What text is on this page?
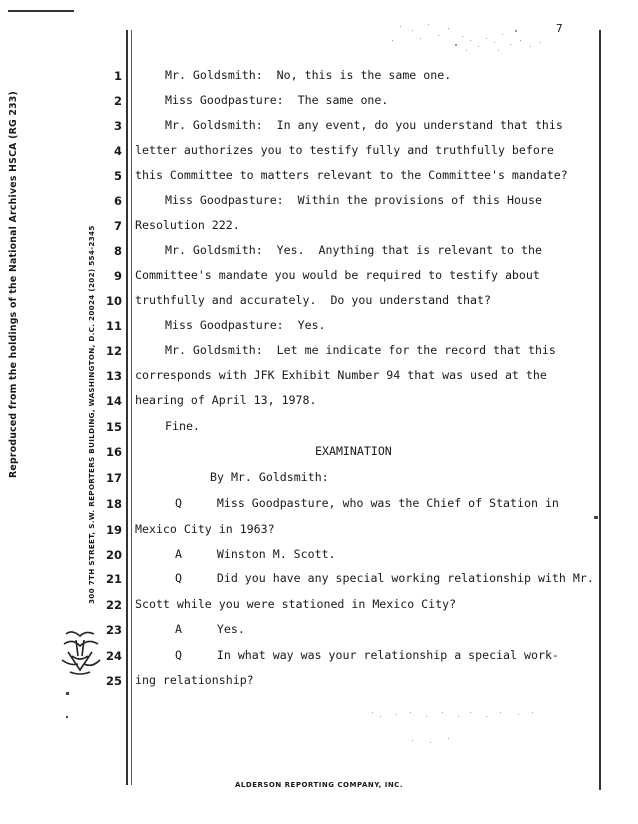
7
Reproduced from the holdings of the National Archives HSCA (RG 233)	300 7TH STREET, S.W. REPORTERS BUILDING, WASHINGTON, D.C. 20024 (202) 554-2345
1	Mr. Goldsmith:  No, this is the same one.
2	Miss Goodpasture:  The same one.
3	Mr. Goldsmith:  In any event, do you understand that this
4 letter authorizes you to testify fully and truthfully before
5 this Committee to matters relevant to the Committee's mandate?
6	Miss Goodpasture:  Within the provisions of this House
7 Resolution 222.
8	Mr. Goldsmith:  Yes.  Anything that is relevant to the
9 Committee's mandate you would be required to testify about
10 truthfully and accurately.  Do you understand that?
11	Miss Goodpasture:  Yes.
12	Mr. Goldsmith:  Let me indicate for the record that this
13 corresponds with JFK Exhibit Number 94 that was used at the
14 hearing of April 13, 1978.
15	Fine.
16	EXAMINATION
17	By Mr. Goldsmith:
18	Q     Miss Goodpasture, who was the Chief of Station in
19 Mexico City in 1963?
20	A     Winston M. Scott.
21	Q     Did you have any special working relationship with Mr.
22 Scott while you were stationed in Mexico City?
23	A     Yes.
24	Q     In what way was your relationship a special work-
25 ing relationship?
ALDERSON REPORTING COMPANY, INC.
